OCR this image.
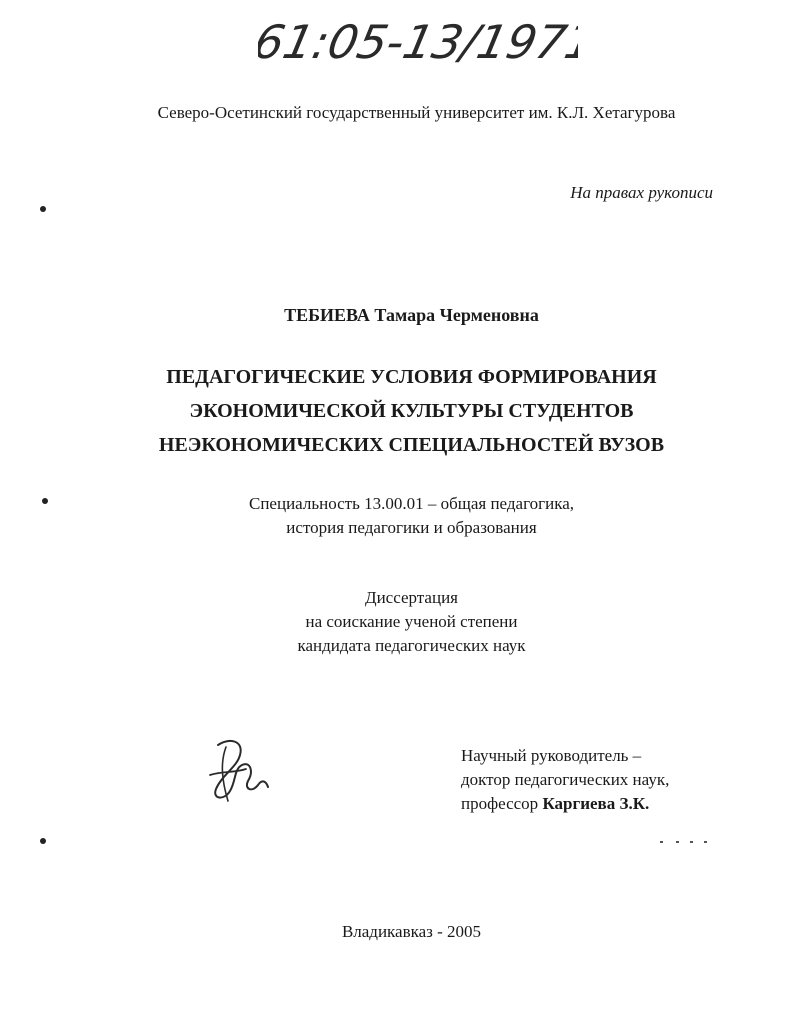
61:05-13/1971
Северо-Осетинский государственный университет им. К.Л. Хетагурова
На правах рукописи
ТЕБИЕВА Тамара Черменовна
ПЕДАГОГИЧЕСКИЕ УСЛОВИЯ ФОРМИРОВАНИЯ
ЭКОНОМИЧЕСКОЙ КУЛЬТУРЫ СТУДЕНТОВ
НЕЭКОНОМИЧЕСКИХ СПЕЦИАЛЬНОСТЕЙ ВУЗОВ
Специальность 13.00.01 – общая педагогика,
история педагогики и образования
Диссертация
на соискание ученой степени
кандидата педагогических наук
Научный руководитель –
доктор педагогических наук,
профессор Каргиева З.К.
Владикавказ - 2005
